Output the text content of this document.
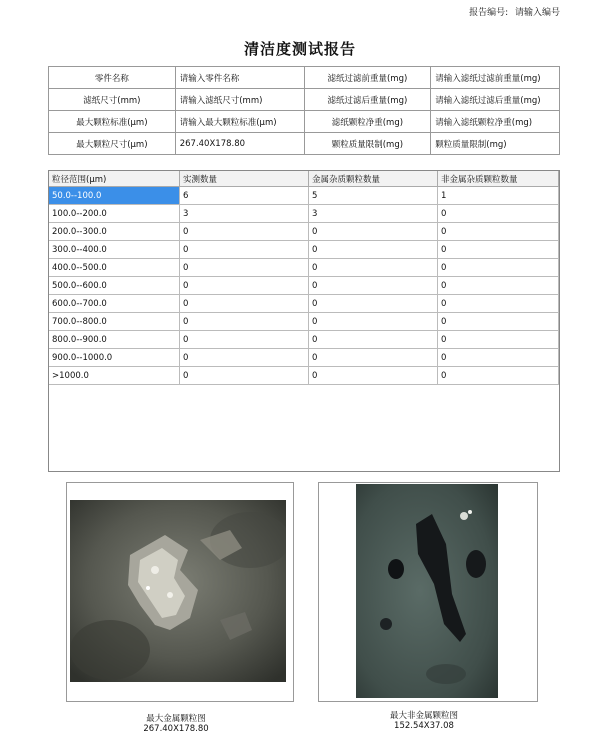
报告编号: 请输入编号
清洁度测试报告
零件名称	请输入零件名称	滤纸过滤前重量(mg)	请输入滤纸过滤前重量(mg)
滤纸尺寸(mm)	请输入滤纸尺寸(mm)	滤纸过滤后重量(mg)	请输入滤纸过滤后重量(mg)
最大颗粒标准(μm)	请输入最大颗粒标准(μm)	滤纸颗粒净重(mg)	请输入滤纸颗粒净重(mg)
最大颗粒尺寸(μm)	267.40X178.80	颗粒质量限制(mg)	颗粒质量限制(mg)
粒径范围(μm)	实测数量	金属杂质颗粒数量	非金属杂质颗粒数量
50.0--100.0	6	5	1
100.0--200.0	3	3	0
200.0--300.0	0	0	0
300.0--400.0	0	0	0
400.0--500.0	0	0	0
500.0--600.0	0	0	0
600.0--700.0	0	0	0
700.0--800.0	0	0	0
800.0--900.0	0	0	0
900.0--1000.0	0	0	0
>1000.0	0	0	0
最大金属颗粒图
267.40X178.80
最大非金属颗粒图
152.54X37.08
